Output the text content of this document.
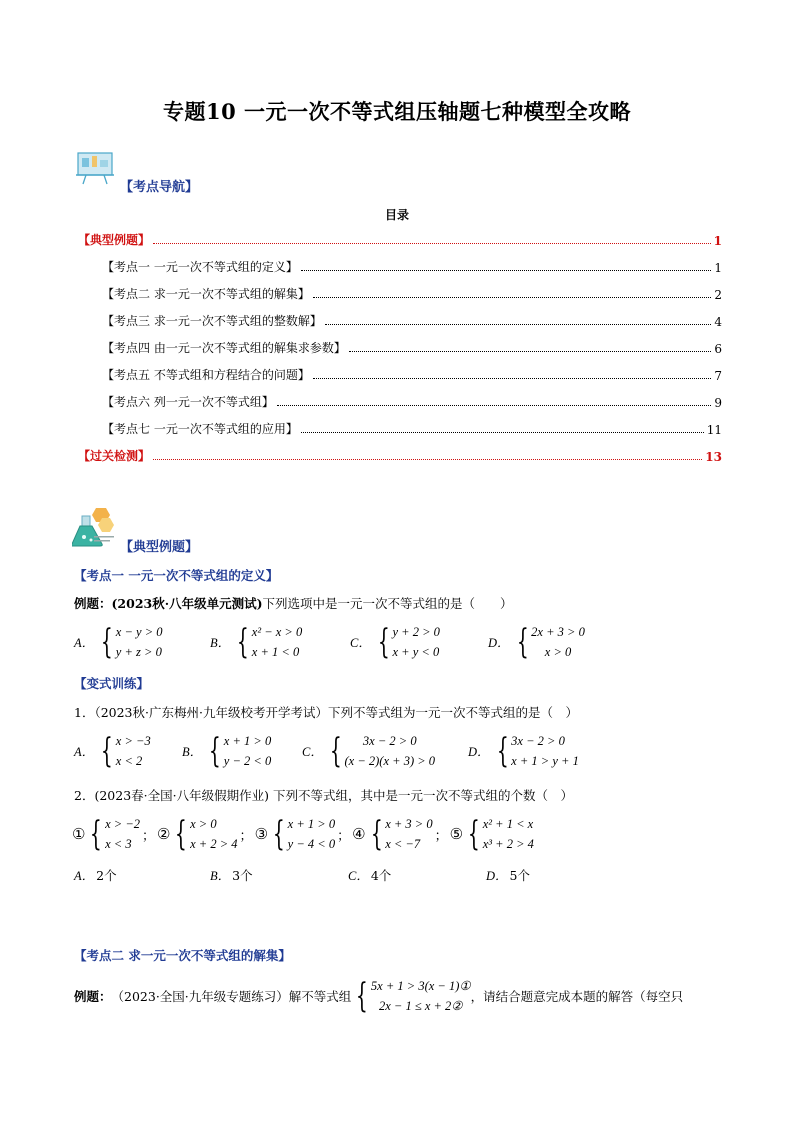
专题10 一元一次不等式组压轴题七种模型全攻略
【考点导航】
目录
【典型例题】	1
【考点一 一元一次不等式组的定义】	1
【考点二 求一元一次不等式组的解集】	2
【考点三 求一元一次不等式组的整数解】	4
【考点四 由一元一次不等式组的解集求参数】	6
【考点五 不等式组和方程结合的问题】	7
【考点六 列一元一次不等式组】	9
【考点七 一元一次不等式组的应用】	11
【过关检测】	13
【典型例题】
【考点一 一元一次不等式组的定义】
例题：(2023秋·八年级单元测试)下列选项中是一元一次不等式组的是（　　）
A． { x − y > 0
y + z > 0
B． { x² − x > 0
x + 1 < 0
C． { y + 2 > 0
x + y < 0
D． { 2x + 3 > 0
x > 0
【变式训练】
1．（2023秋·广东梅州·九年级校考开学考试）下列不等式组为一元一次不等式组的是（　）
A． { x > −3
x < 2
B． { x + 1 > 0
y − 2 < 0
C． {	3x − 2 > 0
(x − 2)(x + 3) > 0
D． { 3x − 2 > 0
x + 1 > y + 1
2．(2023春·全国·八年级假期作业) 下列不等式组，其中是一元一次不等式组的个数（　）
① { x > −2
x < 3
； ② { x > 0
x + 2 > 4
； ③ { x + 1 > 0
y − 4 < 0
； ④ { x + 3 > 0
x < −7
； ⑤ { x² + 1 < x
x³ + 2 > 4
A． 2个	B． 3个	C． 4个	D． 5个
【考点二 求一元一次不等式组的解集】
例题： （2023·全国·九年级专题练习）解不等式组 { 5x + 1 > 3(x − 1)①
2x − 1 ≤ x + 2②
，请结合题意完成本题的解答（每空只
